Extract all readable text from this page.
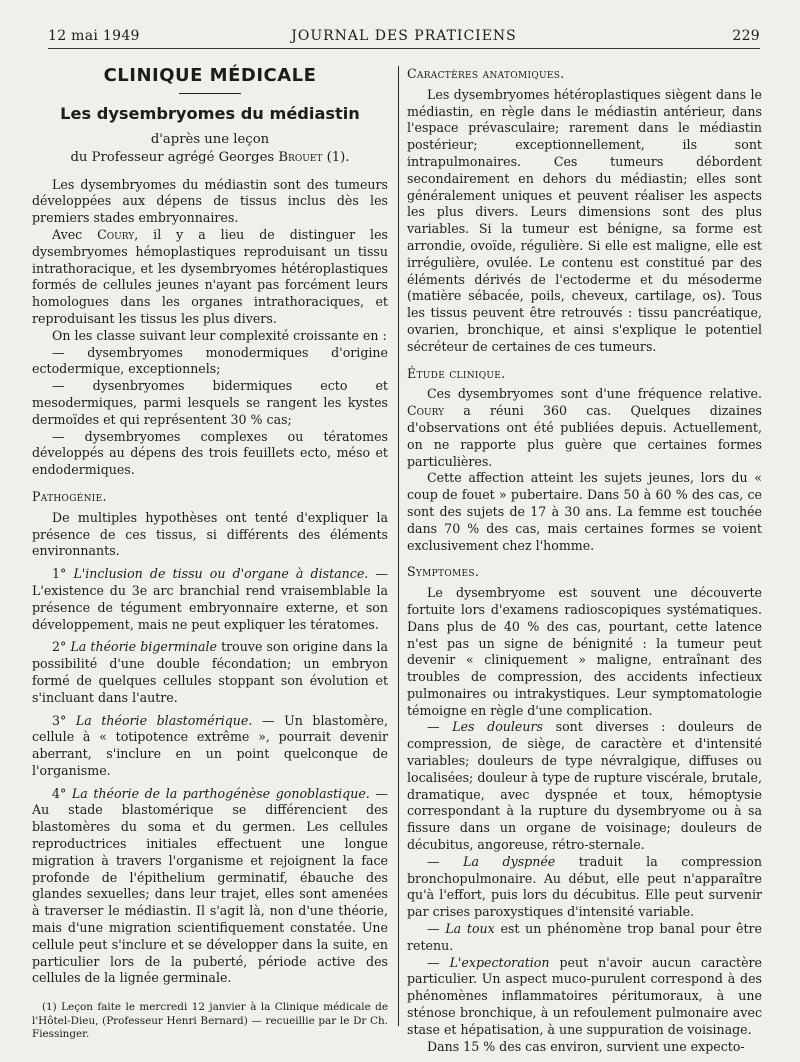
12 mai 1949	JOURNAL DES PRATICIENS	229
CLINIQUE MÉDICALE
Les dysembryomes du médiastin
d'après une leçon
du Professeur agrégé Georges Brouet (1).

Les dysembryomes du médiastin sont des tumeurs développées aux dépens de tissus inclus dès les premiers stades embryonnaires.

Avec Coury, il y a lieu de distinguer les dysembryomes hémoplastiques reproduisant un tissu intrathoracique, et les dysembryomes hétéroplastiques formés de cellules jeunes n'ayant pas forcément leurs homologues dans les organes intrathoraciques, et reproduisant les tissus les plus divers.

On les classe suivant leur complexité croissante en :

— dysembryomes monodermiques d'origine ectodermique, exceptionnels;

— dysenbryomes bidermiques ecto et mesodermiques, parmi lesquels se rangent les kystes dermoïdes et qui représentent 30 % cas;

— dysembryomes complexes ou tératomes développés au dépens des trois feuillets ecto, méso et endodermiques.

Pathogénie.

De multiples hypothèses ont tenté d'expliquer la présence de ces tissus, si différents des éléments environnants.

1° L'inclusion de tissu ou d'organe à distance. — L'existence du 3e arc branchial rend vraisemblable la présence de tégument embryonnaire externe, et son développement, mais ne peut expliquer les tératomes.

2° La théorie bigerminale trouve son origine dans la possibilité d'une double fécondation; un embryon formé de quelques cellules stoppant son évolution et s'incluant dans l'autre.

3° La théorie blastomérique. — Un blastomère, cellule à « totipotence extrême », pourrait devenir aberrant, s'inclure en un point quelconque de l'organisme.

4° La théorie de la parthogénèse gonoblastique. — Au stade blastomérique se différencient des blastomères du soma et du germen. Les cellules reproductrices initiales effectuent une longue migration à travers l'organisme et rejoignent la face profonde de l'épithelium germinatif, ébauche des glandes sexuelles; dans leur trajet, elles sont amenées à traverser le médiastin. Il s'agit là, non d'une théorie, mais d'une migration scientifiquement constatée. Une cellule peut s'inclure et se développer dans la suite, en particulier lors de la puberté, période active des cellules de la lignée germinale.

(1) Leçon faite le mercredi 12 janvier à la Clinique médicale de l'Hôtel-Dieu, (Professeur Henri Bernard) — recueillie par le Dr Ch. Fiessinger.
Caractères anatomiques.

Les dysembryomes hétéroplastiques siègent dans le médiastin, en règle dans le médiastin antérieur, dans l'espace prévasculaire; rarement dans le médiastin postérieur; exceptionnellement, ils sont intrapulmonaires. Ces tumeurs débordent secondairement en dehors du médiastin; elles sont généralement uniques et peuvent réaliser les aspects les plus divers. Leurs dimensions sont des plus variables. Si la tumeur est bénigne, sa forme est arrondie, ovoïde, régulière. Si elle est maligne, elle est irrégulière, ovulée. Le contenu est constitué par des éléments dérivés de l'ectoderme et du mésoderme (matière sébacée, poils, cheveux, cartilage, os). Tous les tissus peuvent être retrouvés : tissu pancréatique, ovarien, bronchique, et ainsi s'explique le potentiel sécréteur de certaines de ces tumeurs.

Étude clinique.

Ces dysembryomes sont d'une fréquence relative. Coury a réuni 360 cas. Quelques dizaines d'observations ont été publiées depuis. Actuellement, on ne rapporte plus guère que certaines formes particulières.

Cette affection atteint les sujets jeunes, lors du « coup de fouet » pubertaire. Dans 50 à 60 % des cas, ce sont des sujets de 17 à 30 ans. La femme est touchée dans 70 % des cas, mais certaines formes se voient exclusivement chez l'homme.

Symptomes.

Le dysembryome est souvent une découverte fortuite lors d'examens radioscopiques systématiques. Dans plus de 40 % des cas, pourtant, cette latence n'est pas un signe de bénignité : la tumeur peut devenir « cliniquement » maligne, entraînant des troubles de compression, des accidents infectieux pulmonaires ou intrakystiques. Leur symptomatologie témoigne en règle d'une complication.

— Les douleurs sont diverses : douleurs de compression, de siège, de caractère et d'intensité variables; douleurs de type névralgique, diffuses ou localisées; douleur à type de rupture viscérale, brutale, dramatique, avec dyspnée et toux, hémoptysie correspondant à la rupture du dysembryome ou à sa fissure dans un organe de voisinage; douleurs de décubitus, angoreuse, rétro-sternale.

— La dyspnée traduit la compression bronchopulmonaire. Au début, elle peut n'apparaître qu'à l'effort, puis lors du décubitus. Elle peut survenir par crises paroxystiques d'intensité variable.

— La toux est un phénomène trop banal pour être retenu.

— L'expectoration peut n'avoir aucun caractère particulier. Un aspect muco-purulent correspond à des phénomènes inflammatoires péritumoraux, à une sténose bronchique, à un refoulement pulmonaire avec stase et hépatisation, à une suppuration de voisinage.

Dans 15 % des cas environ, survient une expecto-
